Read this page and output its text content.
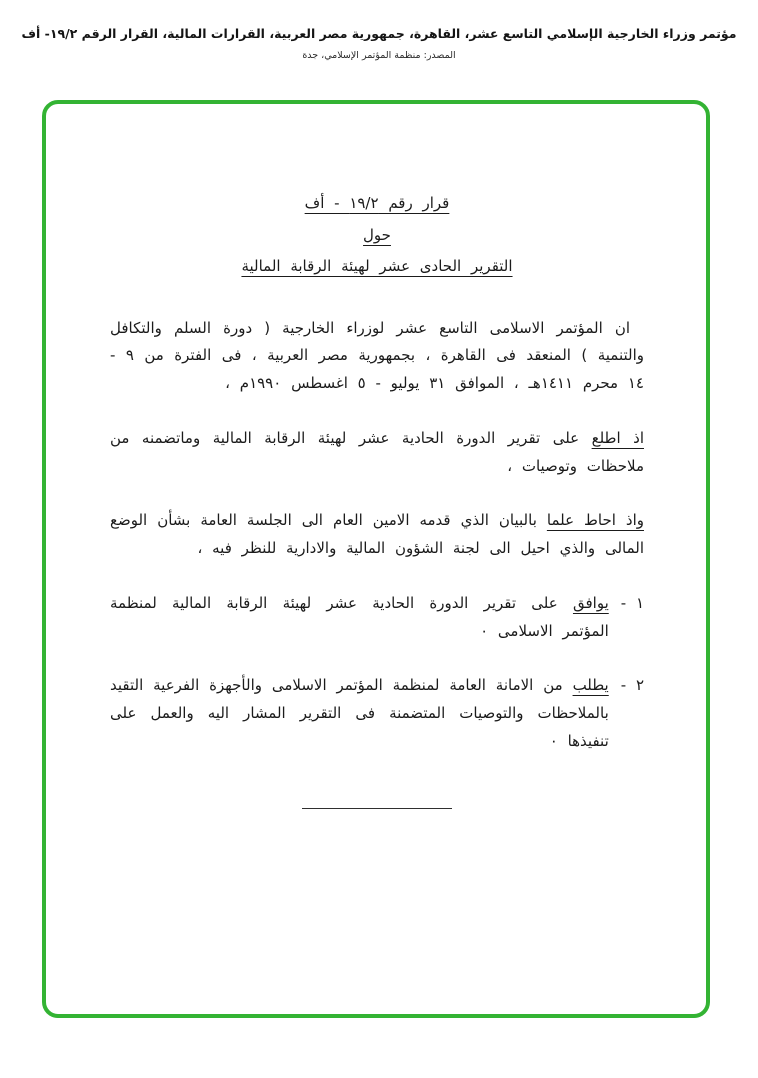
مؤتمر وزراء الخارجية الإسلامي التاسع عشر، القاهرة، جمهورية مصر العربية، القرارات المالية، القرار الرقم ١٩/٢- أف
المصدر: منظمة المؤتمر الإسلامي، جدة
قرار رقم ١٩/٢ - أف
حول
التقرير الحادى عشر لهيئة الرقابة المالية
ان المؤتمر الاسلامى التاسع عشر لوزراء الخارجية ( دورة السلم والتكافل والتنمية ) المنعقد فى القاهرة ، بجمهورية مصر العربية ، فى الفترة من ٩ - ١٤ محرم ١٤١١هـ ، الموافق ٣١ يوليو - ٥ اغسطس ١٩٩٠م ،
اذ اطلع على تقرير الدورة الحادية عشر لهيئة الرقابة المالية وماتضمنه من ملاحظات وتوصيات ،
واذ احاط علما بالبيان الذي قدمه الامين العام الى الجلسة العامة بشأن الوضع المالى والذي احيل الى لجنة الشؤون المالية والادارية للنظر فيه ،
١ -
يوافق على تقرير الدورة الحادية عشر لهيئة الرقابة المالية لمنظمة المؤتمر الاسلامى ٠
٢ -
يطلب من الامانة العامة لمنظمة المؤتمر الاسلامى والأجهزة الفرعية التقيد بالملاحظات والتوصيات المتضمنة فى التقرير المشار اليه والعمل على تنفيذها ٠
